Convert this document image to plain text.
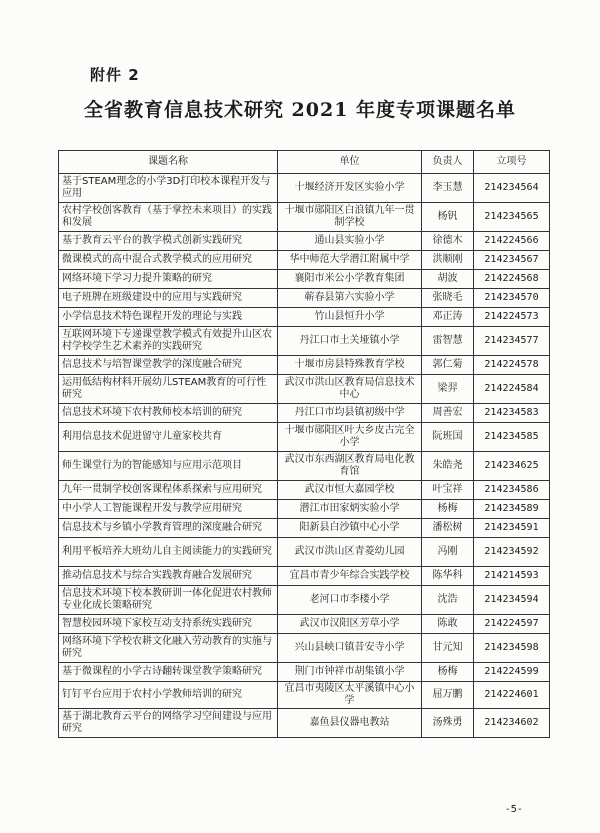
附件 2
全省教育信息技术研究 2021 年度专项课题名单
课题名称	单位	负责人	立项号
基于STEAM理念的小学3D打印校本课程开发与应用	十堰经济开发区实验小学	李玉慧	214234564
农村学校创客教育（基于掌控未来项目）的实践和发展	十堰市郧阳区白浪镇九年一贯制学校	杨钒	214234565
基于教育云平台的教学模式创新实践研究	通山县实验小学	徐德木	214224566
微课模式的高中混合式教学模式的应用研究	华中师范大学潜江附属中学	洪顺刚	214234567
网络环境下学习力提升策略的研究	襄阳市米公小学教育集团	胡波	214224568
电子班牌在班级建设中的应用与实践研究	蕲春县第六实验小学	张晓毛	214234570
小学信息技术特色课程开发的理论与实践	竹山县恒升小学	邓正涛	214224573
互联网环境下专递课堂教学模式有效提升山区农村学校学生艺术素养的实践研究	丹江口市土关垭镇小学	雷智慧	214234577
信息技术与培智课堂教学的深度融合研究	十堰市房县特殊教育学校	郭仁菊	214224578
运用低结构材料开展幼儿STEAM教育的可行性研究	武汉市洪山区教育局信息技术中心	梁羿	214224584
信息技术环境下农村教师校本培训的研究	丹江口市均县镇初级中学	周善宏	214234583
利用信息技术促进留守儿童家校共育	十堰市郧阳区叶大乡皮古完全小学	阮班国	214234585
师生课堂行为的智能感知与应用示范项目	武汉市东西湖区教育局电化教育馆	朱皓尧	214234625
九年一贯制学校创客课程体系探索与应用研究	武汉市恒大嘉园学校	叶宝祥	214234586
中小学人工智能课程开发与教学应用研究	潜江市田家炳实验小学	杨梅	214234589
信息技术与乡镇小学教育管理的深度融合研究	阳新县白沙镇中心小学	潘松树	214234591
利用平板培养大班幼儿自主阅读能力的实践研究	武汉市洪山区青菱幼儿园	冯刚	214234592
推动信息技术与综合实践教育融合发展研究	宜昌市青少年综合实践学校	陈华科	214214593
信息技术环境下校本教研训一体化促进农村教师专业化成长策略研究	老河口市李楼小学	沈浩	214234594
智慧校园环境下家校互动支持系统实践研究	武汉市汉阳区芳草小学	陈敢	214224597
网络环境下学校农耕文化融入劳动教育的实施与研究	兴山县峡口镇昔安寺小学	甘元知	214234598
基于微课程的小学古诗翻转课堂教学策略研究	荆门市钟祥市胡集镇小学	杨梅	214224599
钉钉平台应用于农村小学教师培训的研究	宜昌市夷陵区太平溪镇中心小学	屈万鹏	214224601
基于湖北教育云平台的网络学习空间建设与应用研究	嘉鱼县仪器电教站	汤殊勇	214234602
-5-
